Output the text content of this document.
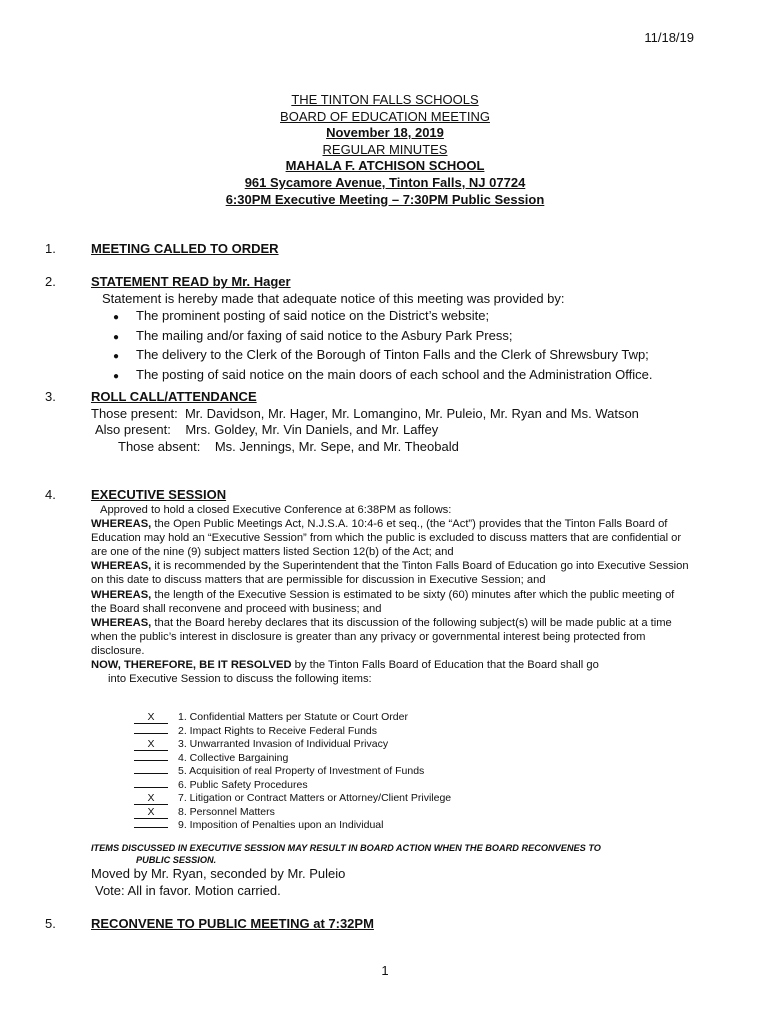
11/18/19
THE TINTON FALLS SCHOOLS
BOARD OF EDUCATION MEETING
November 18, 2019
REGULAR MINUTES
MAHALA F. ATCHISON SCHOOL
961 Sycamore Avenue, Tinton Falls, NJ 07724
6:30PM Executive Meeting – 7:30PM Public Session
1.	MEETING CALLED TO ORDER
2.	STATEMENT READ by Mr. Hager
Statement is hereby made that adequate notice of this meeting was provided by:
● The prominent posting of said notice on the District’s website;
● The mailing and/or faxing of said notice to the Asbury Park Press;
● The delivery to the Clerk of the Borough of Tinton Falls and the Clerk of Shrewsbury Twp;
● The posting of said notice on the main doors of each school and the Administration Office.
3.	ROLL CALL/ATTENDANCE
Those present:  Mr. Davidson, Mr. Hager, Mr. Lomangino, Mr. Puleio, Mr. Ryan and Ms. Watson
Also present:    Mrs. Goldey, Mr. Vin Daniels, and Mr. Laffey
Those absent:    Ms. Jennings, Mr. Sepe, and Mr. Theobald
4.	EXECUTIVE SESSION

Approved to hold a closed Executive Conference at 6:38PM as follows:

WHEREAS, the Open Public Meetings Act, N.J.S.A. 10:4-6 et seq., (the “Act”) provides that the Tinton Falls Board of Education may hold an “Executive Session” from which the public is excluded to discuss matters that are confidential or are one of the nine (9) subject matters listed Section 12(b) of the Act; and

WHEREAS, it is recommended by the Superintendent that the Tinton Falls Board of Education go into Executive Session on this date to discuss matters that are permissible for discussion in Executive Session; and

WHEREAS, the length of the Executive Session is estimated to be sixty (60) minutes after which the public meeting of the Board shall reconvene and proceed with business; and

WHEREAS, that the Board hereby declares that its discussion of the following subject(s) will be made public at a time when the public’s interest in disclosure is greater than any privacy or governmental interest being protected from disclosure.

NOW, THEREFORE, BE IT RESOLVED by the Tinton Falls Board of Education that the Board shall go

into Executive Session to discuss the following items:

X 1. Confidential Matters per Statute or Court Order
2. Impact Rights to Receive Federal Funds
X 3. Unwarranted Invasion of Individual Privacy
4. Collective Bargaining
5. Acquisition of real Property of Investment of Funds
6. Public Safety Procedures
X 7. Litigation or Contract Matters or Attorney/Client Privilege
X 8. Personnel Matters
9. Imposition of Penalties upon an Individual
ITEMS DISCUSSED IN EXECUTIVE SESSION MAY RESULT IN BOARD ACTION WHEN THE BOARD RECONVENES TO
PUBLIC SESSION.
Moved by Mr. Ryan, seconded by Mr. Puleio
Vote: All in favor. Motion carried.
5.	RECONVENE TO PUBLIC MEETING at 7:32PM
1
